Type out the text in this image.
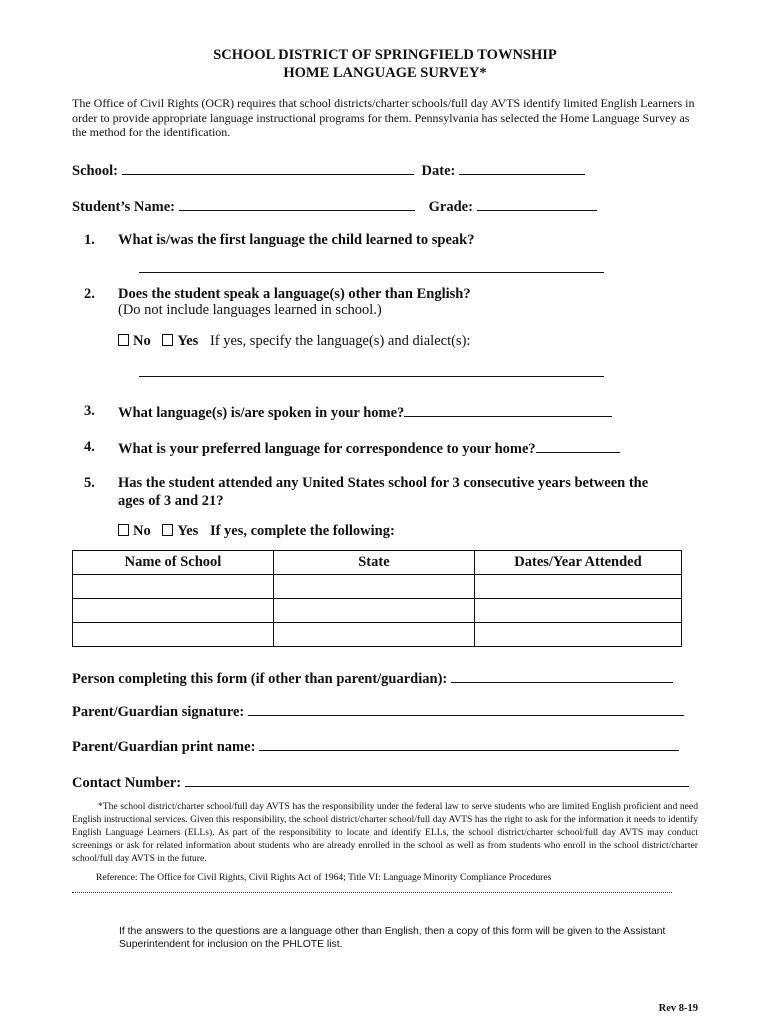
SCHOOL DISTRICT OF SPRINGFIELD TOWNSHIP
HOME LANGUAGE SURVEY*
The Office of Civil Rights (OCR) requires that school districts/charter schools/full day AVTS identify limited English Learners in order to provide appropriate language instructional programs for them. Pennsylvania has selected the Home Language Survey as the method for the identification.
School:	Date:
Student’s Name:	Grade:
1. What is/was the first language the child learned to speak?
2. Does the student speak a language(s) other than English?
(Do not include languages learned in school.)
No Yes If yes, specify the language(s) and dialect(s):
3. What language(s) is/are spoken in your home?
4. What is your preferred language for correspondence to your home?
5. Has the student attended any United States school for 3 consecutive years between the ages of 3 and 21?
No Yes If yes, complete the following:
Name of School	State	Dates/Year Attended

Person completing this form (if other than parent/guardian):
Parent/Guardian signature:
Parent/Guardian print name:
Contact Number:
*The school district/charter school/full day AVTS has the responsibility under the federal law to serve students who are limited English proficient and need English instructional services. Given this responsibility, the school district/charter school/full day AVTS has the right to ask for the information it needs to identify English Language Learners (ELLs). As part of the responsibility to locate and identify ELLs, the school district/charter school/full day AVTS may conduct screenings or ask for related information about students who are already enrolled in the school as well as from students who enroll in the school district/charter school/full day AVTS in the future.
Reference: The Office for Civil Rights, Civil Rights Act of 1964; Title VI: Language Minority Compliance Procedures
If the answers to the questions are a language other than English, then a copy of this form will be given to the Assistant Superintendent for inclusion on the PHLOTE list.
Rev 8-19
